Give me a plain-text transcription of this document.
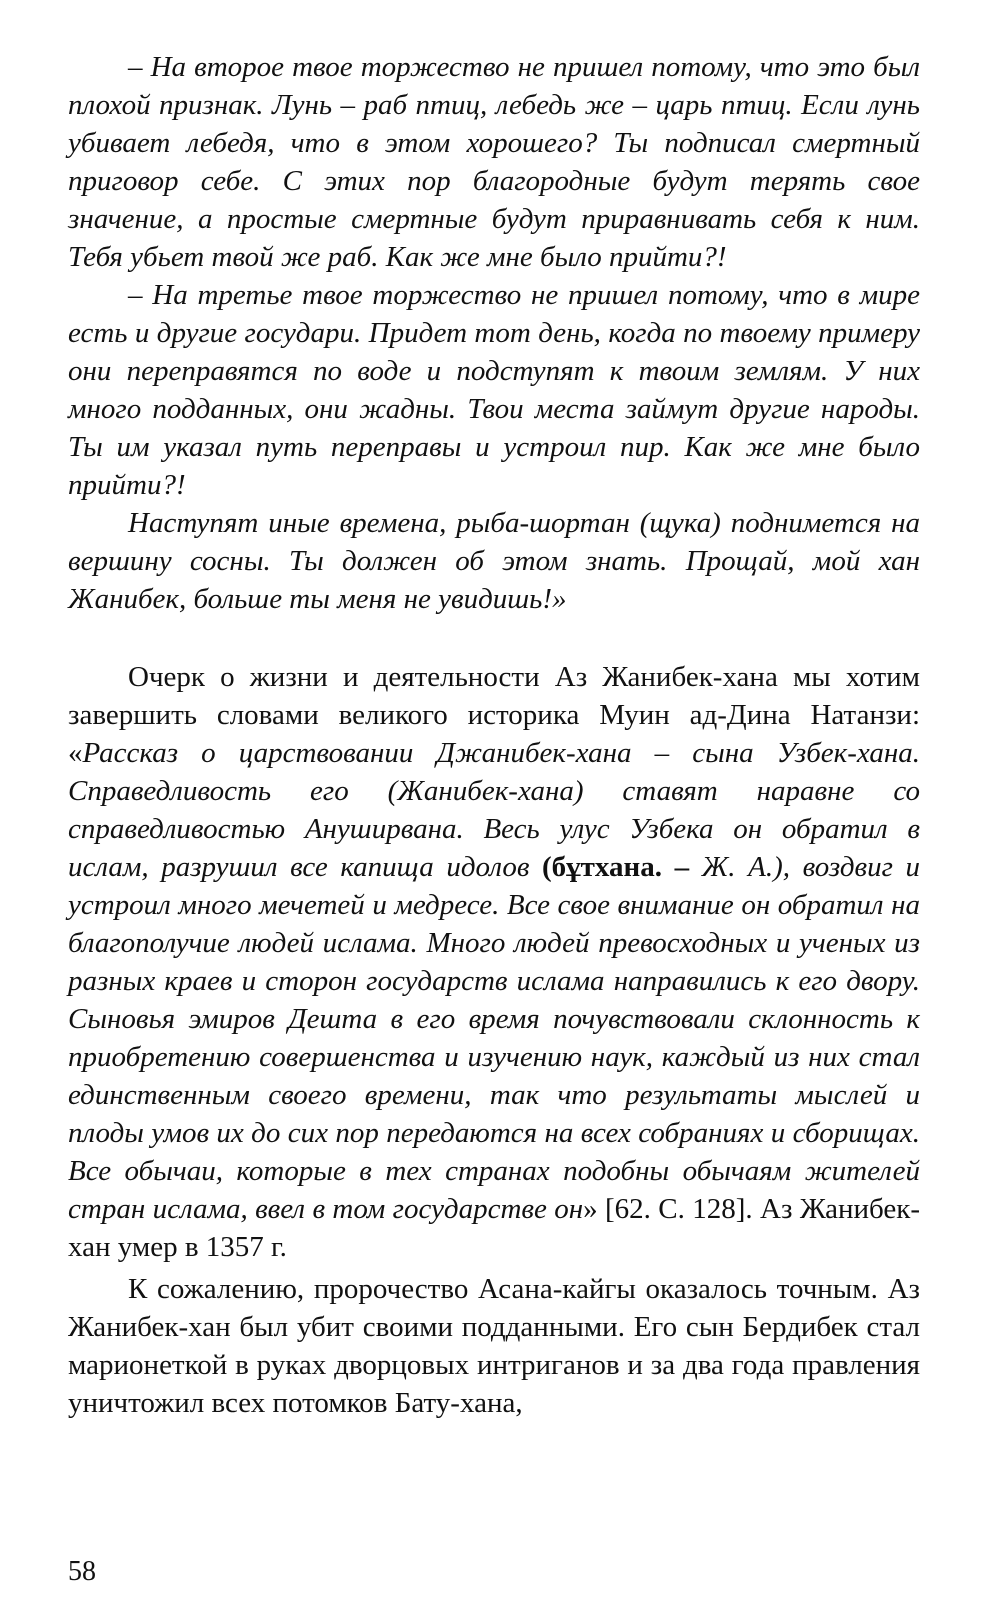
– На второе твое торжество не пришел потому, что это был плохой признак. Лунь – раб птиц, лебедь же – царь птиц. Если лунь убивает лебедя, что в этом хорошего? Ты подписал смертный приговор себе. С этих пор благородные будут терять свое значение, а простые смертные будут приравнивать себя к ним. Тебя убьет твой же раб. Как же мне было прийти?!

– На третье твое торжество не пришел потому, что в мире есть и другие государи. Придет тот день, когда по твоему примеру они переправятся по воде и подступят к твоим землям. У них много подданных, они жадны. Твои места займут другие народы. Ты им указал путь переправы и устроил пир. Как же мне было прийти?!

Наступят иные времена, рыба-шортан (щука) поднимется на вершину сосны. Ты должен об этом знать. Прощай, мой хан Жанибек, больше ты меня не увидишь!»

Очерк о жизни и деятельности Аз Жанибек-хана мы хотим завершить словами великого историка Муин ад-Дина Натанзи: «Рассказ о царствовании Джанибек-хана – сына Узбек-хана. Справедливость его (Жанибек-хана) ставят наравне со справедливостью Ануширвана. Весь улус Узбека он обратил в ислам, разрушил все капища идолов (бұтхана. – Ж. А.), воздвиг и устроил много мечетей и медресе. Все свое внимание он обратил на благополучие людей ислама. Много людей превосходных и ученых из разных краев и сторон государств ислама направились к его двору. Сыновья эмиров Дешта в его время почувствовали склонность к приобретению совершенства и изучению наук, каждый из них стал единственным своего времени, так что результаты мыслей и плоды умов их до сих пор передаются на всех собраниях и сборищах. Все обычаи, которые в тех странах подобны обычаям жителей стран ислама, ввел в том государстве он» [62. С. 128]. Аз Жанибек-хан умер в 1357 г.

К сожалению, пророчество Асана-кайгы оказалось точным. Аз Жанибек-хан был убит своими подданными. Его сын Бердибек стал марионеткой в руках дворцовых интриганов и за два года правления уничтожил всех потомков Бату-хана,

58
